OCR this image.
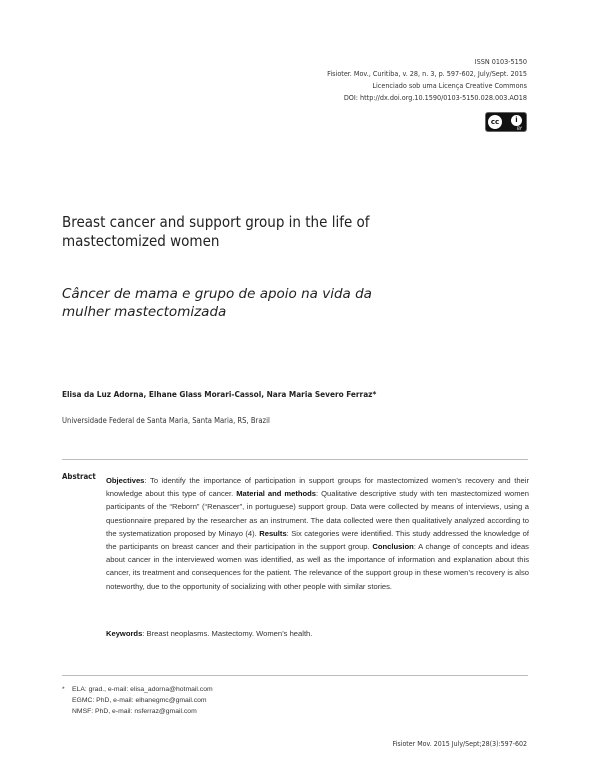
ISSN 0103-5150
Fisioter. Mov., Curitiba, v. 28, n. 3, p. 597-602, July/Sept. 2015
Licenciado sob uma Licença Creative Commons
DOI: http://dx.doi.org.10.1590/0103-5150.028.003.AO18
cc	i
BY
Breast cancer and support group in the life of mastectomized women
Câncer de mama e grupo de apoio na vida da mulher mastectomizada
Elisa da Luz Adorna, Elhane Glass Morari-Cassol, Nara Maria Severo Ferraz*
Universidade Federal de Santa Maria, Santa Maria, RS, Brazil
Abstract Objectives: To identify the importance of participation in support groups for mastectomized women’s recovery and their knowledge about this type of cancer. Material and methods: Qualitative descriptive study with ten mastectomized women participants of the “Reborn” (“Renascer”, in portuguese) support group. Data were collected by means of interviews, using a questionnaire prepared by the researcher as an instrument. The data collected were then qualitatively analyzed according to the systematization proposed by Minayo (4). Results: Six categories were identified. This study addressed the knowledge of the participants on breast cancer and their participation in the support group. Conclusion: A change of concepts and ideas about cancer in the interviewed women was identified, as well as the importance of information and explanation about this cancer, its treatment and consequences for the patient. The relevance of the support group in these women’s recovery is also noteworthy, due to the opportunity of socializing with other people with similar stories.
Keywords: Breast neoplasms. Mastectomy. Women’s health.
* ELA: grad., e-mail: elisa_adorna@hotmail.com
EGMC: PhD, e-mail: elhanegmc@gmail.com
NMSF: PhD, e-mail: nsferraz@gmail.com
Fisioter Mov. 2015 July/Sept;28(3):597-602
